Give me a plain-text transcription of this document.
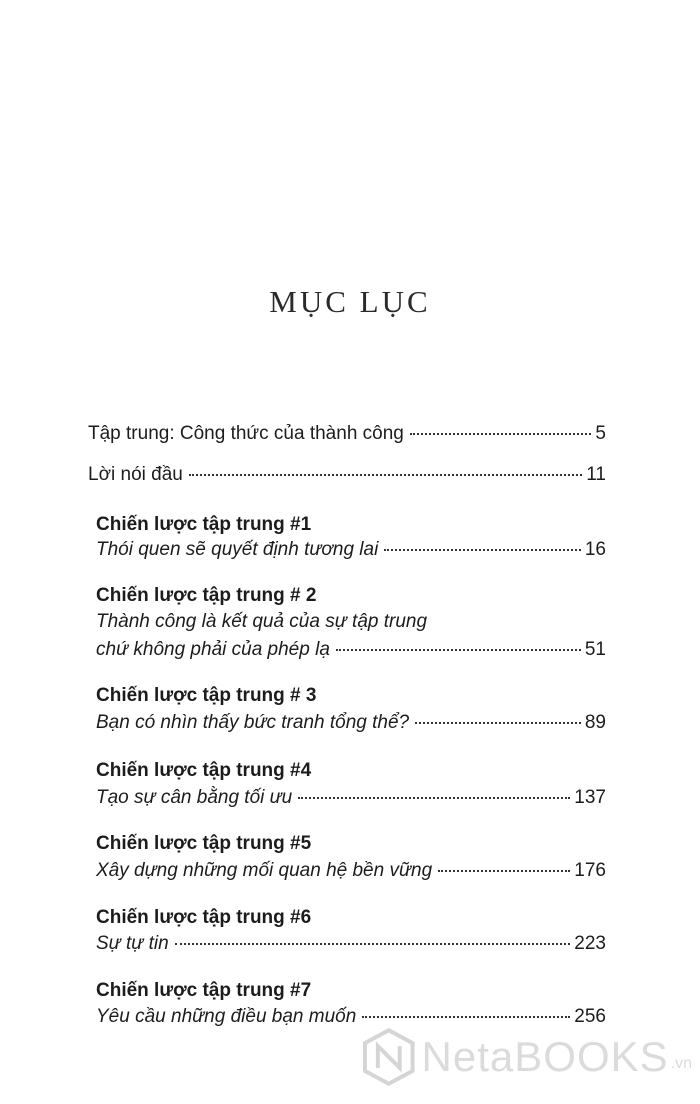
MỤC LỤC
Tập trung: Công thức của thành công	5
Lời nói đầu	11
Chiến lược tập trung #1
Thói quen sẽ quyết định tương lai	16
Chiến lược tập trung # 2
Thành công là kết quả của sự tập trung
chứ không phải của phép lạ	51
Chiến lược tập trung # 3
Bạn có nhìn thấy bức tranh tổng thể?	89
Chiến lược tập trung #4
Tạo sự cân bằng tối ưu	137
Chiến lược tập trung #5
Xây dựng những mối quan hệ bền vững	176
Chiến lược tập trung #6
Sự tự tin	223
Chiến lược tập trung #7
Yêu cầu những điều bạn muốn	256
NetaBOOKS .vn
